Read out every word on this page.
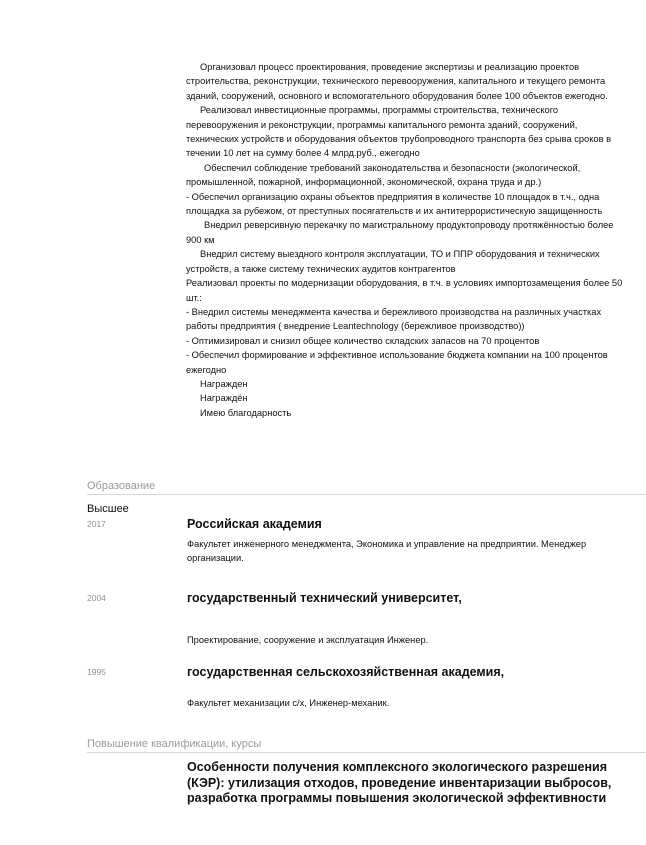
Организовал процесс проектирования, проведение экспертизы и реализацию проектов строительства, реконструкции, технического перевооружения, капитального и текущего ремонта зданий, сооружений, основного и вспомогательного оборудования более 100 объектов ежегодно.

Реализовал инвестиционные программы, программы строительства, технического перевооружения и реконструкции, программы капитального ремонта зданий, сооружений, технических устройств и оборудования объектов трубопроводного транспорта без срыва сроков в течении 10 лет на сумму более 4 млрд.руб., ежегодно

Обеспечил соблюдение требований законодательства и безопасности (экологической, промышленной, пожарной, информационной, экономической, охрана труда и др.)

- Обеспечил организацию охраны объектов предприятия в количестве 10 площадок в т.ч., одна площадка за рубежом, от преступных посягательств и их антитеррористическую защищенность

Внедрил реверсивную перекачку по магистральному продуктопроводу протяжённостью более 900 км

Внедрил систему выездного контроля эксплуатации, ТО и ППР оборудования и технических устройств, а также систему технических аудитов контрагентов

Реализовал проекты по модернизации оборудования, в т.ч. в условиях импортозамещения более 50 шт.:

- Внедрил системы менеджмента качества и бережливого производства на различных участках работы предприятия ( внедрение Leantechnology (бережливое производство))

- Оптимизировал и снизил общее количество складских запасов на 70 процентов

- Обеспечил формирование и эффективное использование бюджета компании на 100 процентов ежегодно

Награжден

Награждён

Имею благодарность

Образование
Высшее
2017	Российская академия
Факультет инженерного менеджмента, Экономика и управление на предприятии. Менеджер организации.
2004	государственный технический университет,
Проектирование, сооружение и эксплуатация Инженер.
1995	государственная сельскохозяйственная академия,
Факультет механизации с/х, Инженер-механик.
Повышение квалификации, курсы
Особенности получения комплексного экологического разрешения (КЭР): утилизация отходов, проведение инвентаризации выбросов, разработка программы повышения экологической эффективности
